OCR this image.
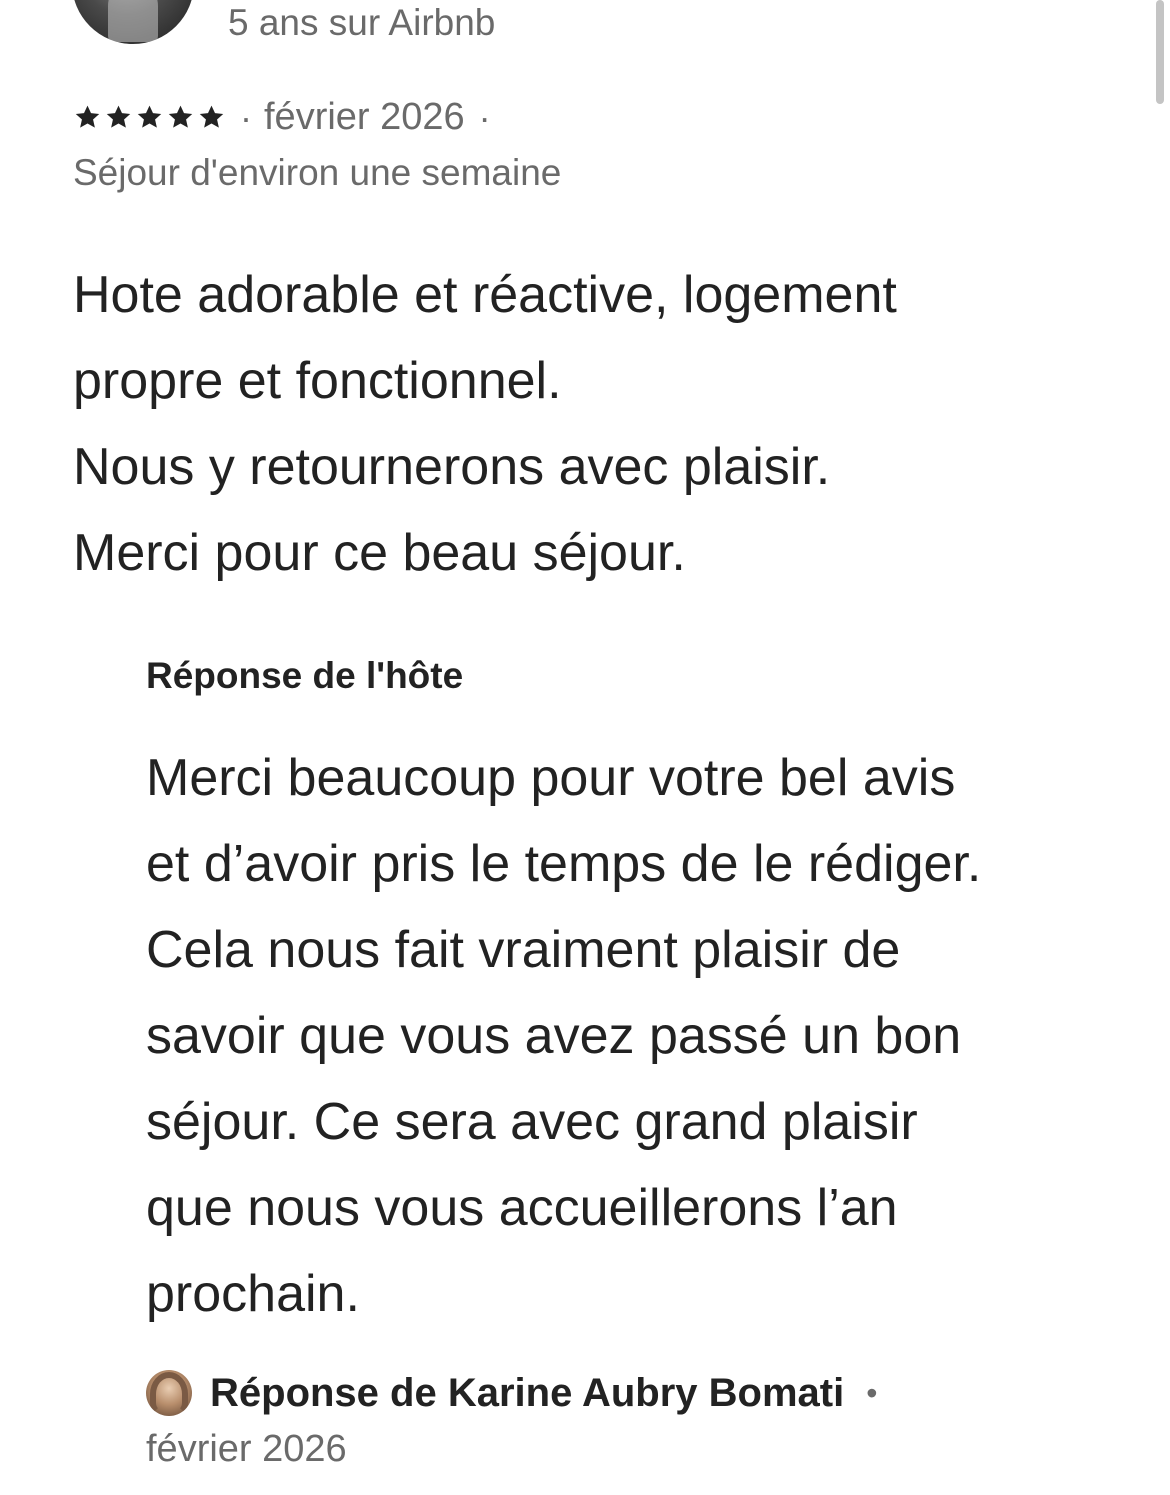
5 ans sur Airbnb
· février 2026 ·
Séjour d'environ une semaine
Hote adorable et réactive, logement
propre et fonctionnel.
Nous y retournerons avec plaisir.
Merci pour ce beau séjour.
Réponse de l'hôte
Merci beaucoup pour votre bel avis
et d’avoir pris le temps de le rédiger.
Cela nous fait vraiment plaisir de
savoir que vous avez passé un bon
séjour. Ce sera avec grand plaisir
que nous vous accueillerons l’an
prochain.
Réponse de Karine Aubry Bomati •
février 2026
